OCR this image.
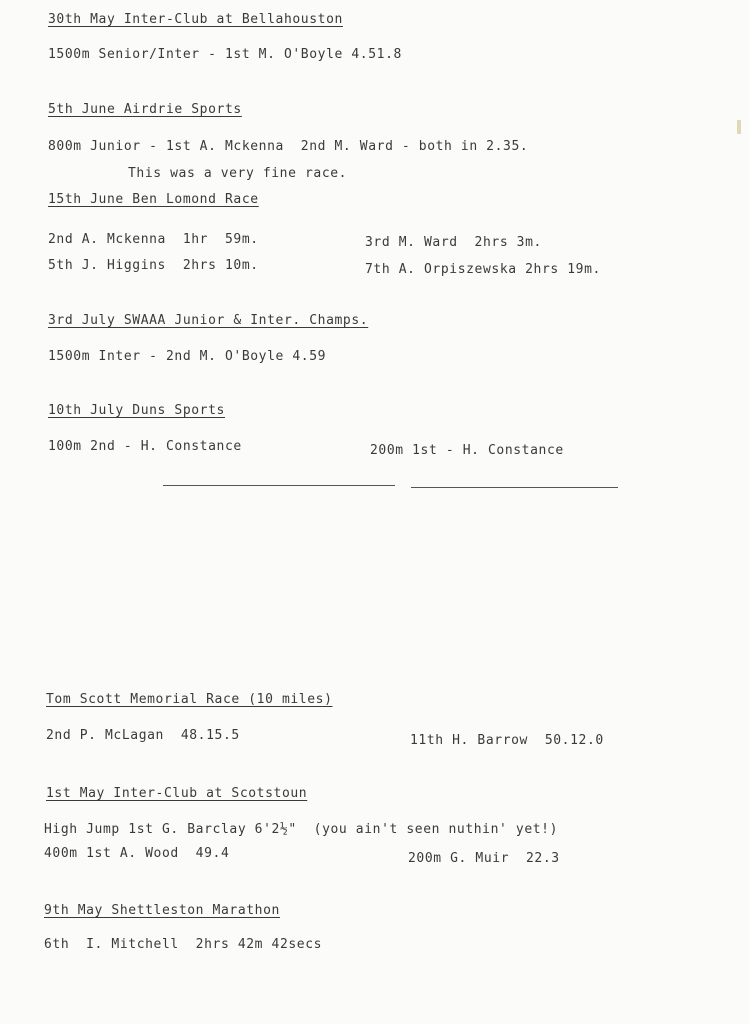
30th May Inter-Club at Bellahouston
1500m Senior/Inter - 1st M. O'Boyle 4.51.8
5th June Airdrie Sports
800m Junior - 1st A. Mckenna  2nd M. Ward - both in 2.35.
This was a very fine race.
15th June Ben Lomond Race
2nd A. Mckenna  1hr  59m.	3rd M. Ward  2hrs 3m.
5th J. Higgins  2hrs 10m.	7th A. Orpiszewska 2hrs 19m.
3rd July SWAAA Junior & Inter. Champs.
1500m Inter - 2nd M. O'Boyle 4.59
10th July Duns Sports
100m 2nd - H. Constance	200m 1st - H. Constance
Tom Scott Memorial Race (10 miles)
2nd P. McLagan  48.15.5	11th H. Barrow  50.12.0
1st May Inter-Club at Scotstoun
High Jump 1st G. Barclay 6'2½"  (you ain't seen nuthin' yet!)
400m 1st A. Wood  49.4	200m G. Muir  22.3
9th May Shettleston Marathon
6th  I. Mitchell  2hrs 42m 42secs
